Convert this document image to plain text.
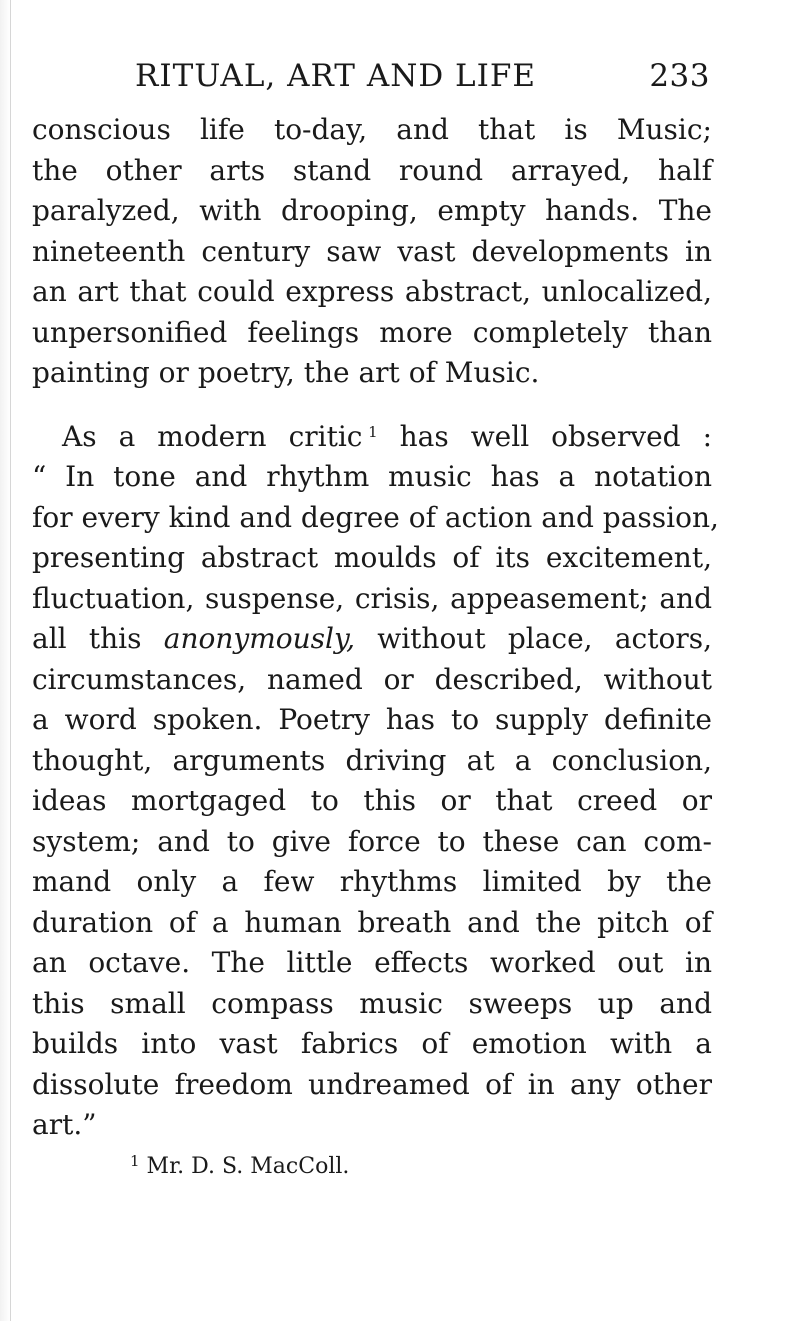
RITUAL, ART AND LIFE	233
conscious life to-day, and that is Music;
the other arts stand round arrayed, half
paralyzed, with drooping, empty hands. The
nineteenth century saw vast developments in
an art that could express abstract, unlocalized,
unpersonified feelings more completely than
painting or poetry, the art of Music.
As a modern critic  $^1$ has well observed :
“ In tone and rhythm music has a notation
for every kind and degree of action and passion,
presenting abstract moulds of its excitement,
fluctuation, suspense, crisis, appeasement; and
all this anonymously, without place, actors,
circumstances, named or described, without
a word spoken. Poetry has to supply definite
thought, arguments driving at a conclusion,
ideas mortgaged to this or that creed or
system; and to give force to these can com-
mand only a few rhythms limited by the
duration of a human breath and the pitch of
an octave. The little effects worked out in
this small compass music sweeps up and
builds into vast fabrics of emotion with a
dissolute freedom undreamed of in any other
art.”
$^1$ Mr. D. S. MacColl.
